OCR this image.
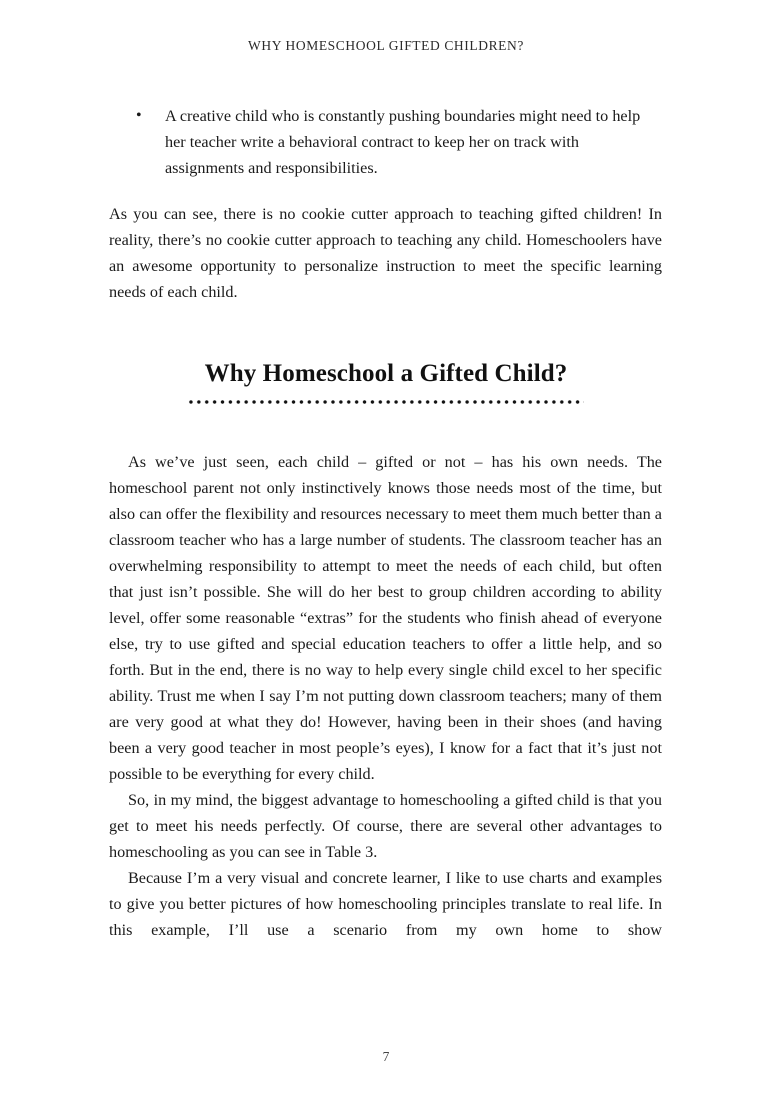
WHY HOMESCHOOL GIFTED CHILDREN?
• A creative child who is constantly pushing boundaries might need to help her teacher write a behavioral contract to keep her on track with assignments and responsibilities.

As you can see, there is no cookie cutter approach to teaching gifted children! In reality, there’s no cookie cutter approach to teaching any child. Homeschoolers have an awesome opportunity to personalize instruction to meet the specific learning needs of each child.

Why Homeschool a Gifted Child?

As we’ve just seen, each child – gifted or not – has his own needs. The homeschool parent not only instinctively knows those needs most of the time, but also can offer the flexibility and resources necessary to meet them much better than a classroom teacher who has a large number of students. The classroom teacher has an overwhelming responsibility to attempt to meet the needs of each child, but often that just isn’t possible. She will do her best to group children according to ability level, offer some reasonable “extras” for the students who finish ahead of everyone else, try to use gifted and special education teachers to offer a little help, and so forth. But in the end, there is no way to help every single child excel to her specific ability. Trust me when I say I’m not putting down classroom teachers; many of them are very good at what they do! However, having been in their shoes (and having been a very good teacher in most people’s eyes), I know for a fact that it’s just not possible to be everything for every child.

So, in my mind, the biggest advantage to homeschooling a gifted child is that you get to meet his needs perfectly. Of course, there are several other advantages to homeschooling as you can see in Table 3.

Because I’m a very visual and concrete learner, I like to use charts and examples to give you better pictures of how homeschooling principles translate to real life. In this example, I’ll use a scenario from my own home to show

7
